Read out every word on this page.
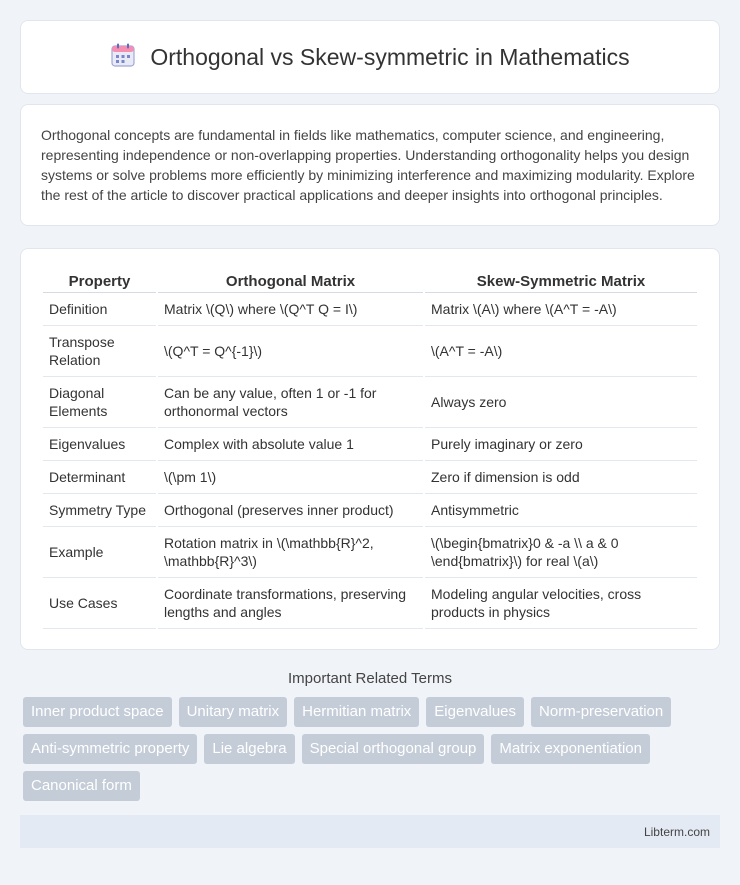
Orthogonal vs Skew-symmetric in Mathematics

Orthogonal concepts are fundamental in fields like mathematics, computer science, and engineering, representing independence or non-overlapping properties. Understanding orthogonality helps you design systems or solve problems more efficiently by minimizing interference and maximizing modularity. Explore the rest of the article to discover practical applications and deeper insights into orthogonal principles.

Property	Orthogonal Matrix	Skew-Symmetric Matrix
Definition	Matrix \(Q\) where \(Q^T Q = I\)	Matrix \(A\) where \(A^T = -A\)
Transpose Relation	\(Q^T = Q^{-1}\)	\(A^T = -A\)
Diagonal Elements	Can be any value, often 1 or -1 for orthonormal vectors	Always zero
Eigenvalues	Complex with absolute value 1	Purely imaginary or zero
Determinant	\(\pm 1\)	Zero if dimension is odd
Symmetry Type	Orthogonal (preserves inner product)	Antisymmetric
Example	Rotation matrix in \(\mathbb{R}^2, \mathbb{R}^3\)	\(\begin{bmatrix}0 & -a \\ a & 0 \end{bmatrix}\) for real \(a\)
Use Cases	Coordinate transformations, preserving lengths and angles	Modeling angular velocities, cross products in physics
Important Related Terms
Inner product space	Unitary matrix	Hermitian matrix	Eigenvalues	Norm-preservation
Anti-symmetric property	Lie algebra	Special orthogonal group	Matrix exponentiation
Canonical form
Libterm.com
